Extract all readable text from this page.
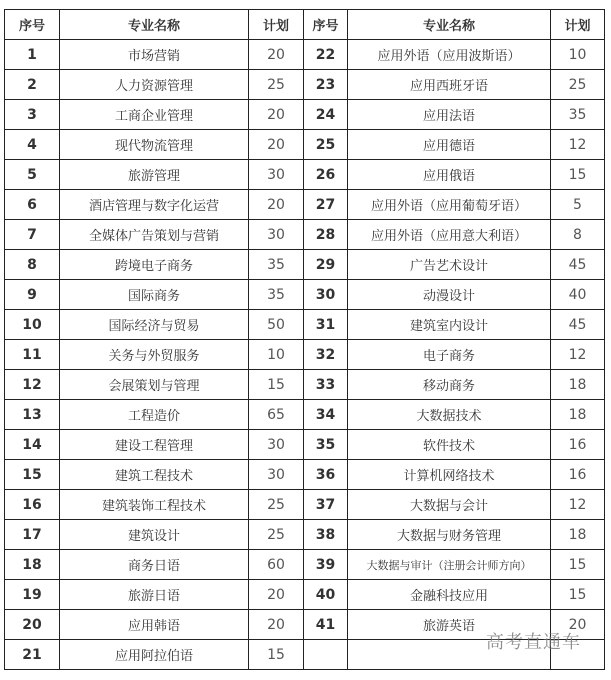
序号	专业名称	计划	序号	专业名称	计划
1	市场营销	20	22	应用外语（应用波斯语）	10
2	人力资源管理	25	23	应用西班牙语	25
3	工商企业管理	20	24	应用法语	35
4	现代物流管理	20	25	应用德语	12
5	旅游管理	30	26	应用俄语	15
6	酒店管理与数字化运营	20	27	应用外语（应用葡萄牙语）	5
7	全媒体广告策划与营销	30	28	应用外语（应用意大利语）	8
8	跨境电子商务	35	29	广告艺术设计	45
9	国际商务	35	30	动漫设计	40
10	国际经济与贸易	50	31	建筑室内设计	45
11	关务与外贸服务	10	32	电子商务	12
12	会展策划与管理	15	33	移动商务	18
13	工程造价	65	34	大数据技术	18
14	建设工程管理	30	35	软件技术	16
15	建筑工程技术	30	36	计算机网络技术	16
16	建筑装饰工程技术	25	37	大数据与会计	12
17	建筑设计	25	38	大数据与财务管理	18
18	商务日语	60	39	大数据与审计（注册会计师方向）	15
19	旅游日语	20	40	金融科技应用	15
20	应用韩语	20	41	旅游英语	20
21	应用阿拉伯语	15			
高考直通车
